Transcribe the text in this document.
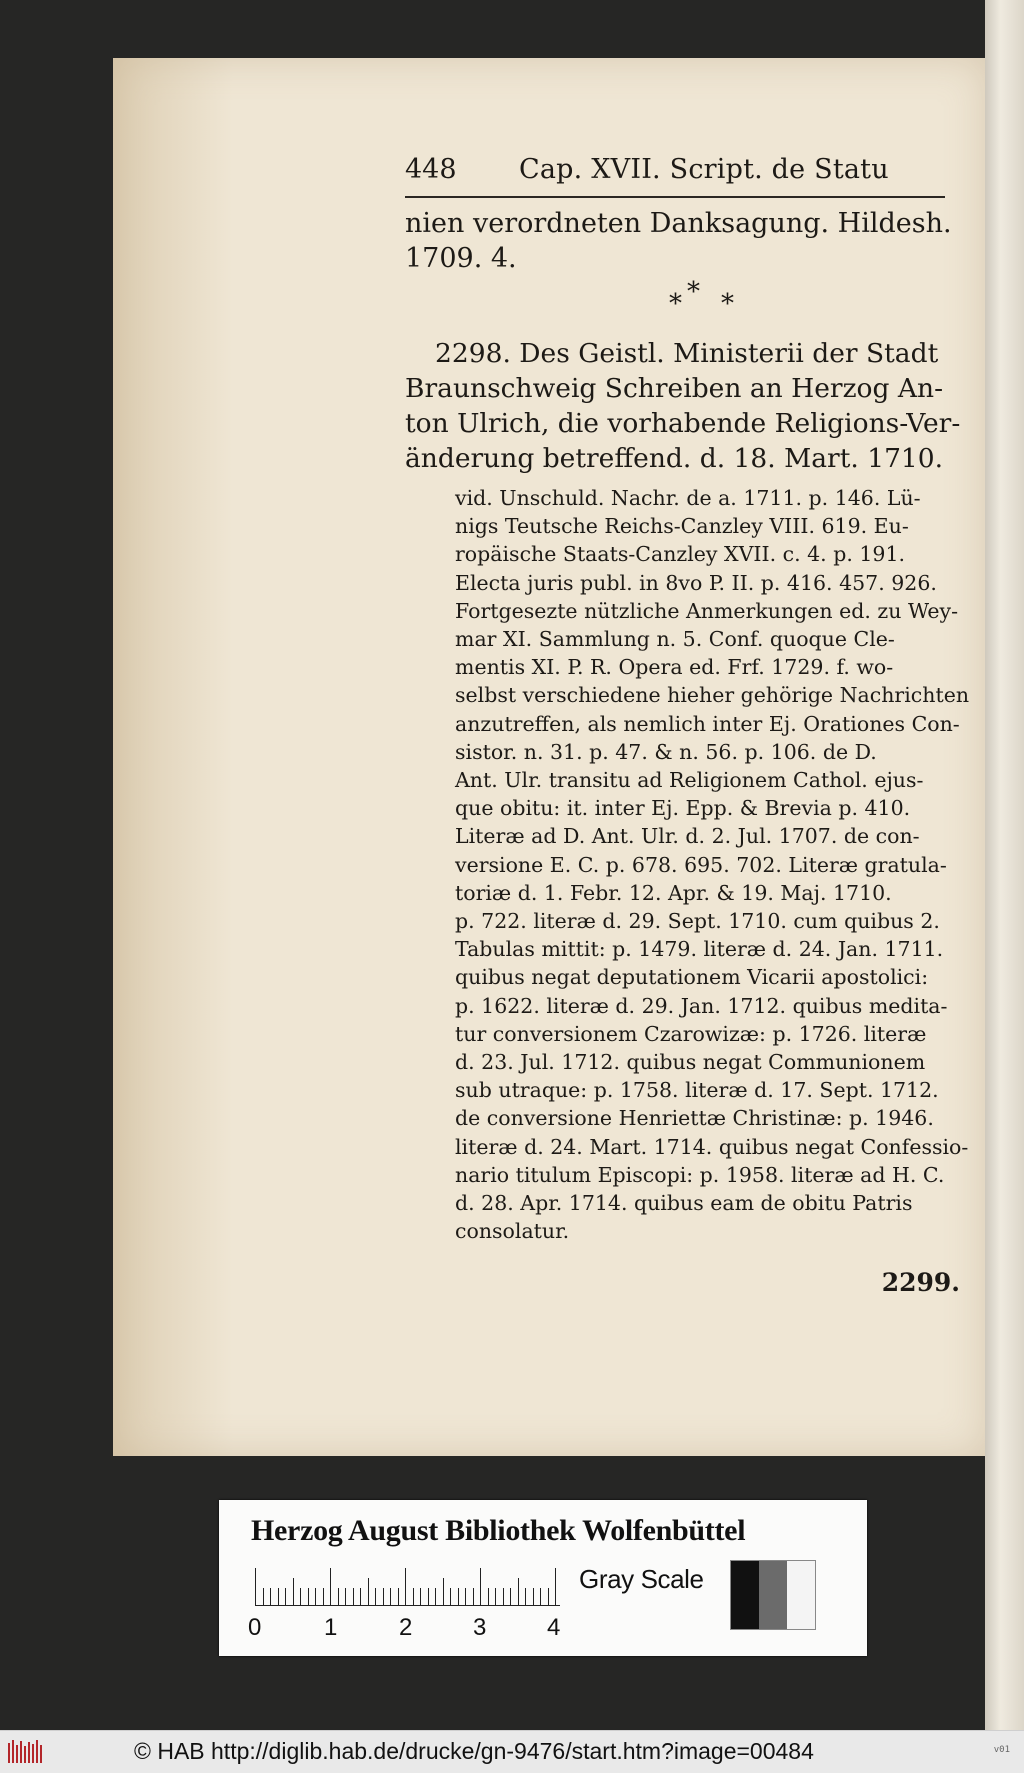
448 Cap. XVII. Script. de Statu
nien verordneten Danksagung. Hildesh.
1709. 4.
* * *
2298. Des Geistl. Ministerii der Stadt
Braunschweig Schreiben an Herzog An-
ton Ulrich, die vorhabende Religions-Ver-
änderung betreffend. d. 18. Mart. 1710.
vid. Unschuld. Nachr. de a. 1711. p. 146. Lü-
nigs Teutsche Reichs-Canzley VIII. 619. Eu-
ropäische Staats-Canzley XVII. c. 4. p. 191.
Electa juris publ. in 8vo P. II. p. 416. 457. 926.
Fortgesezte nützliche Anmerkungen ed. zu Wey-
mar XI. Sammlung n. 5. Conf. quoque Cle-
mentis XI. P. R. Opera ed. Frf. 1729. f. wo-
selbst verschiedene hieher gehörige Nachrichten
anzutreffen, als nemlich inter Ej. Orationes Con-
sistor. n. 31. p. 47. & n. 56. p. 106. de D.
Ant. Ulr. transitu ad Religionem Cathol. ejus-
que obitu: it. inter Ej. Epp. & Brevia p. 410.
Literæ ad D. Ant. Ulr. d. 2. Jul. 1707. de con-
versione E. C. p. 678. 695. 702. Literæ gratula-
toriæ d. 1. Febr. 12. Apr. & 19. Maj. 1710.
p. 722. literæ d. 29. Sept. 1710. cum quibus 2.
Tabulas mittit: p. 1479. literæ d. 24. Jan. 1711.
quibus negat deputationem Vicarii apostolici:
p. 1622. literæ d. 29. Jan. 1712. quibus medita-
tur conversionem Czarowizæ: p. 1726. literæ
d. 23. Jul. 1712. quibus negat Communionem
sub utraque: p. 1758. literæ d. 17. Sept. 1712.
de conversione Henriettæ Christinæ: p. 1946.
literæ d. 24. Mart. 1714. quibus negat Confessio-
nario titulum Episcopi: p. 1958. literæ ad H. C.
d. 28. Apr. 1714. quibus eam de obitu Patris
consolatur.
2299.
Herzog August Bibliothek Wolfenbüttel
0	1	2	3	4
Gray Scale
© HAB http://diglib.hab.de/drucke/gn-9476/start.htm?image=00484	v01
